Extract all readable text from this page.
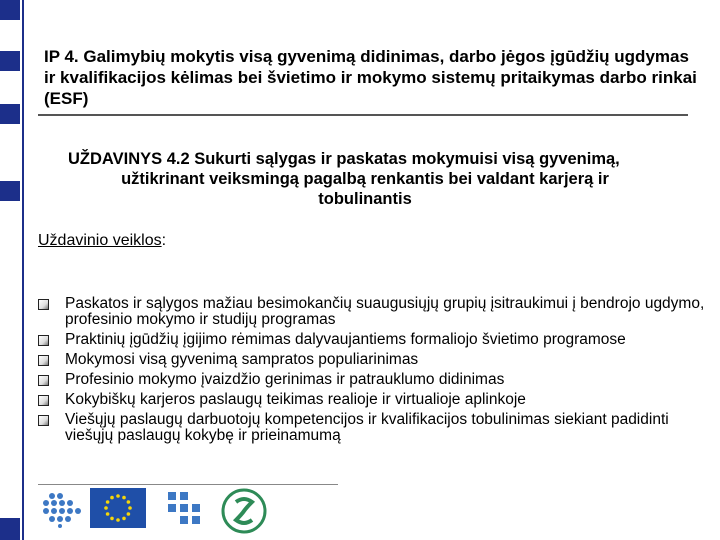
IP 4. Galimybių mokytis visą gyvenimą didinimas, darbo jėgos įgūdžių ugdymas ir kvalifikacijos kėlimas bei švietimo ir mokymo sistemų pritaikymas darbo rinkai (ESF)
UŽDAVINYS 4.2 Sukurti sąlygas ir paskatas mokymuisi visą gyvenimą,
užtikrinant veiksmingą pagalbą renkantis bei valdant karjerą ir
tobulinantis

Uždavinio veiklos:

Paskatos ir sąlygos mažiau besimokančių suaugusiųjų grupių įsitraukimui į bendrojo ugdymo, profesinio mokymo ir studijų programas
Praktinių įgūdžių įgijimo rėmimas dalyvaujantiems formaliojo švietimo programose
Mokymosi visą gyvenimą sampratos populiarinimas
Profesinio mokymo įvaizdžio gerinimas ir patrauklumo didinimas
Kokybiškų karjeros paslaugų teikimas realioje ir virtualioje aplinkoje
Viešųjų paslaugų darbuotojų kompetencijos ir kvalifikacijos tobulinimas siekiant padidinti viešųjų paslaugų kokybę ir prieinamumą
